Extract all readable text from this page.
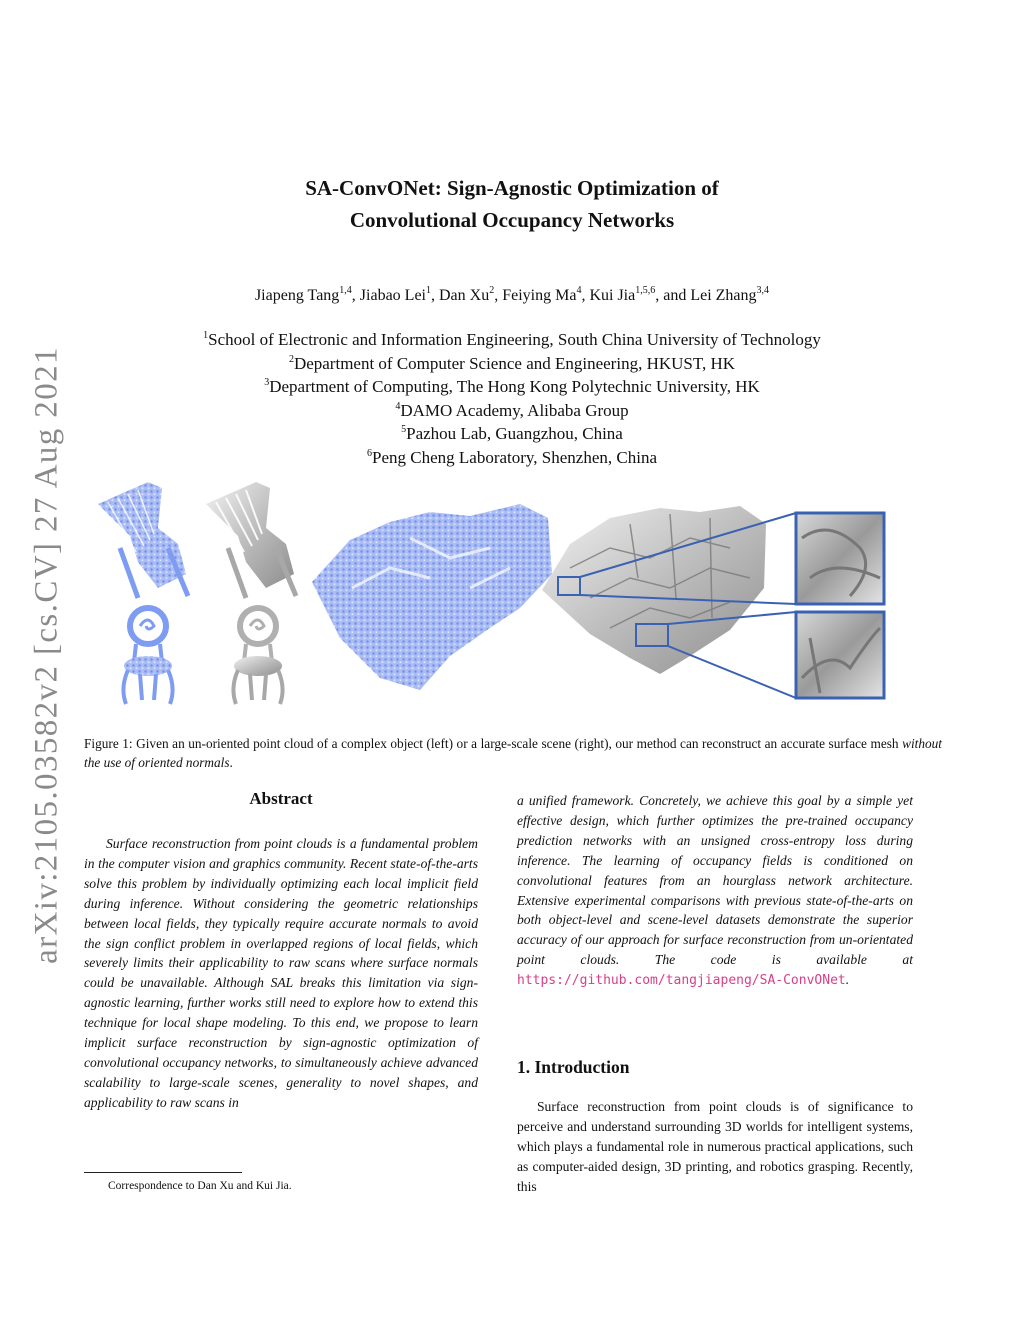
arXiv:2105.03582v2 [cs.CV] 27 Aug 2021
SA-ConvONet: Sign-Agnostic Optimization of
Convolutional Occupancy Networks
Jiapeng Tang$^{1,4}$, Jiabao Lei$^1$, Dan Xu$^2$, Feiying Ma$^4$, Kui Jia$^{1,5,6}$, and Lei Zhang$^{3,4}$
$^1$School of Electronic and Information Engineering, South China University of Technology
$^2$Department of Computer Science and Engineering, HKUST, HK
$^3$Department of Computing, The Hong Kong Polytechnic University, HK
$^4$DAMO Academy, Alibaba Group
$^5$Pazhou Lab, Guangzhou, China
$^6$Peng Cheng Laboratory, Shenzhen, China
Figure 1: Given an un-oriented point cloud of a complex object (left) or a large-scale scene (right), our method can reconstruct an accurate surface mesh without the use of oriented normals.
Abstract
Surface reconstruction from point clouds is a fundamental problem in the computer vision and graphics community. Recent state-of-the-arts solve this problem by individually optimizing each local implicit field during inference. Without considering the geometric relationships between local fields, they typically require accurate normals to avoid the sign conflict problem in overlapped regions of local fields, which severely limits their applicability to raw scans where surface normals could be unavailable. Although SAL breaks this limitation via sign-agnostic learning, further works still need to explore how to extend this technique for local shape modeling. To this end, we propose to learn implicit surface reconstruction by sign-agnostic optimization of convolutional occupancy networks, to simultaneously achieve advanced scalability to large-scale scenes, generality to novel shapes, and applicability to raw scans in
a unified framework. Concretely, we achieve this goal by a simple yet effective design, which further optimizes the pre-trained occupancy prediction networks with an unsigned cross-entropy loss during inference. The learning of occupancy fields is conditioned on convolutional features from an hourglass network architecture. Extensive experimental comparisons with previous state-of-the-arts on both object-level and scene-level datasets demonstrate the superior accuracy of our approach for surface reconstruction from un-orientated point clouds. The code is available at https://github.com/tangjiapeng/SA-ConvONet.
1. Introduction
Surface reconstruction from point clouds is of significance to perceive and understand surrounding 3D worlds for intelligent systems, which plays a fundamental role in numerous practical applications, such as computer-aided design, 3D printing, and robotics grasping. Recently, this
Correspondence to Dan Xu and Kui Jia.
